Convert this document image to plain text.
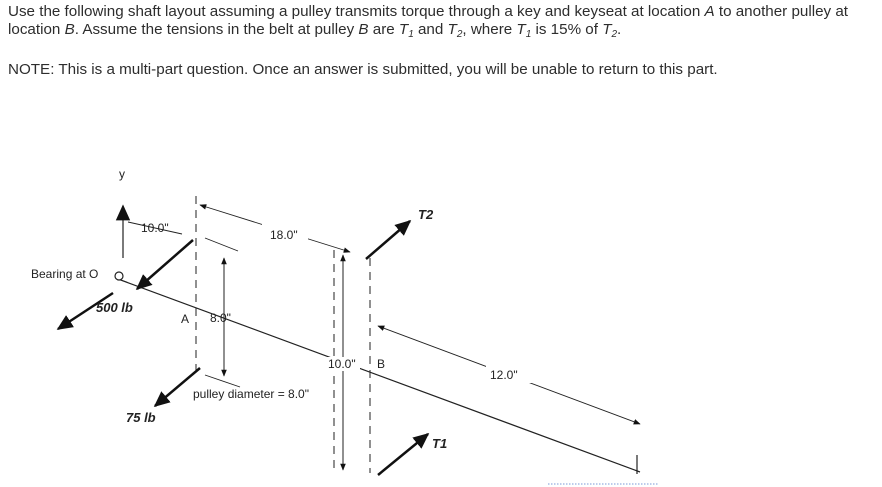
Use the following shaft layout assuming a pulley transmits torque through a key and keyseat at location A to another pulley at location B. Assume the tensions in the belt at pulley B are $T_1$ and $T_2$, where $T_1$ is 15% of $T_2$.

NOTE: This is a multi-part question. Once an answer is submitted, you will be unable to return to this part.

y
Bearing at O
500 lb
10.0"
A 8.0"
75 lb
18.0"
10.0" B
T2
T1
pulley diameter = 8.0"
12.0"
